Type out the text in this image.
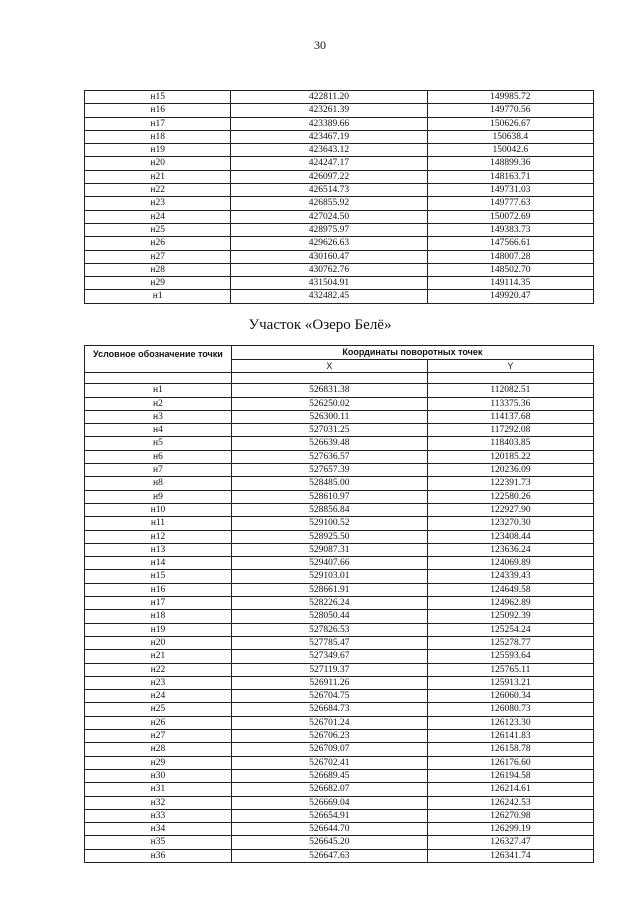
30
н15	422811.20	149985.72
н16	423261.39	149770.56
н17	423389.66	150626.67
н18	423467.19	150638.4
н19	423643.12	150042.6
н20	424247.17	148899.36
н21	426097.22	148163.71
н22	426514.73	149731.03
н23	426855.92	149777.63
н24	427024.50	150072.69
н25	428975.97	149383.73
н26	429626.63	147566.61
н27	430160.47	148007.28
н28	430762.76	148502.70
н29	431504.91	149114.35
н1	432482.45	149920.47
Участок «Озеро Белё»
Условное обозначение точки	Координаты поворотных точек	
	X	Y

н1	526831.38	112082.51
н2	526250.02	113375.36
н3	526300.11	114137.68
н4	527031.25	117292.08
н5	526639.48	118403.85
н6	527636.57	120185.22
н7	527657.39	120236.09
н8	528485.00	122391.73
н9	528610.97	122580.26
н10	528856.84	122927.90
н11	529100.52	123270.30
н12	528925.50	123408.44
н13	529087.31	123636.24
н14	529407.66	124069.89
н15	529103.01	124339.43
н16	528661.91	124649.58
н17	528226.24	124962.89
н18	528050.44	125092.39
н19	527826.53	125254.24
н20	527785.47	125278.77
н21	527349.67	125593.64
н22	527119.37	125765.11
н23	526911.26	125913.21
н24	526704.75	126060.34
н25	526684.73	126080.73
н26	526701.24	126123.30
н27	526706.23	126141.83
н28	526709.07	126158.78
н29	526702.41	126176.60
н30	526689.45	126194.58
н31	526682.07	126214.61
н32	526669.04	126242.53
н33	526654.91	126270.98
н34	526644.70	126299.19
н35	526645.20	126327.47
н36	526647.63	126341.74
